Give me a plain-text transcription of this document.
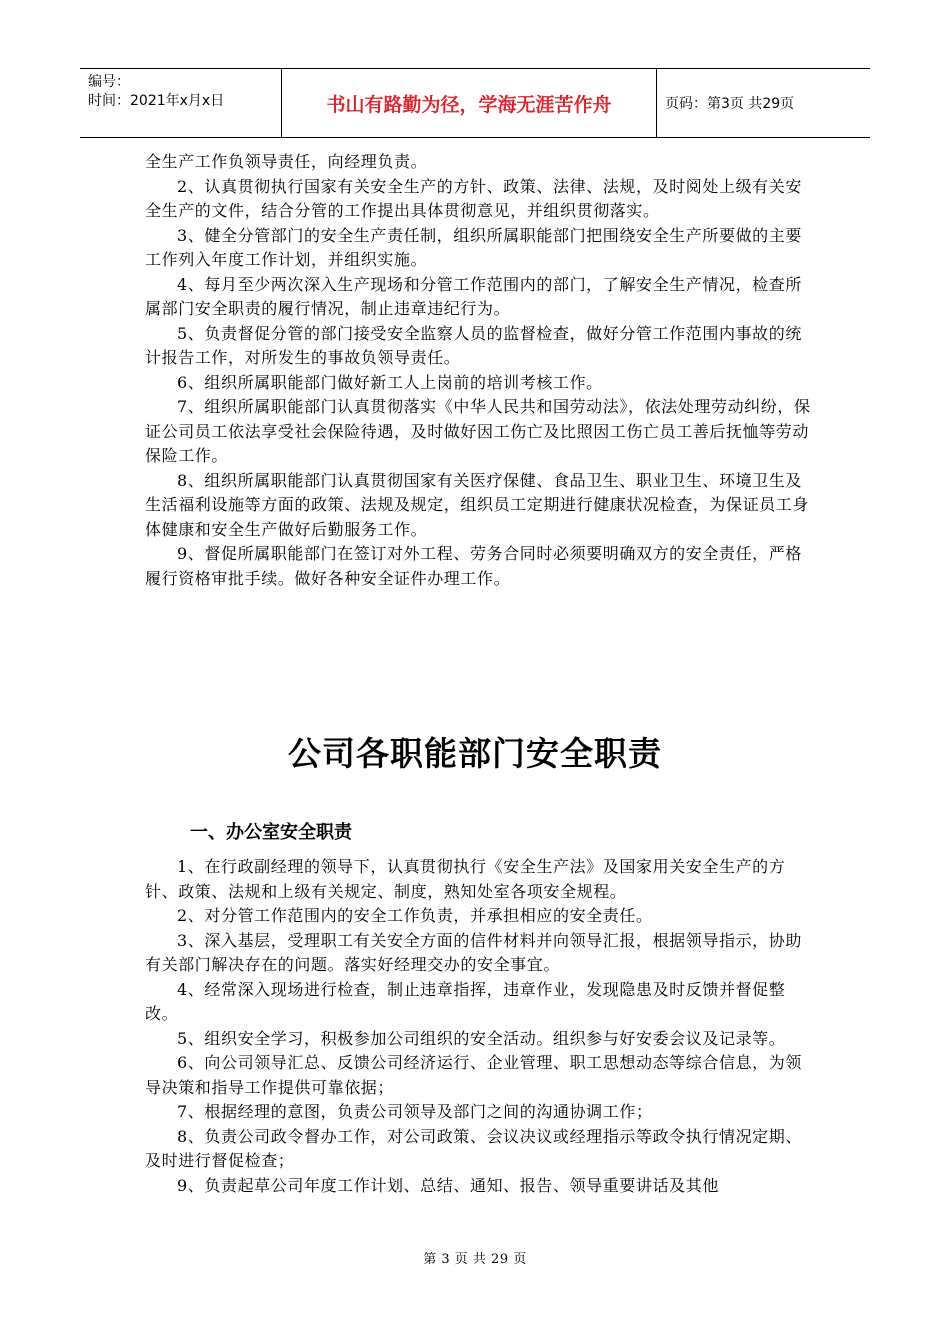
编号：
时间：2021年x月x日	书山有路勤为径，学海无涯苦作舟	页码：第3页 共29页

全生产工作负领导责任，向经理负责。

2、认真贯彻执行国家有关安全生产的方针、政策、法律、法规，及时阅处上级有关安全生产的文件，结合分管的工作提出具体贯彻意见，并组织贯彻落实。

3、健全分管部门的安全生产责任制，组织所属职能部门把围绕安全生产所要做的主要工作列入年度工作计划，并组织实施。

4、每月至少两次深入生产现场和分管工作范围内的部门，了解安全生产情况，检查所属部门安全职责的履行情况，制止违章违纪行为。

5、负责督促分管的部门接受安全监察人员的监督检查，做好分管工作范围内事故的统计报告工作，对所发生的事故负领导责任。

6、组织所属职能部门做好新工人上岗前的培训考核工作。

7、组织所属职能部门认真贯彻落实《中华人民共和国劳动法》，依法处理劳动纠纷，保证公司员工依法享受社会保险待遇，及时做好因工伤亡及比照因工伤亡员工善后抚恤等劳动保险工作。

8、组织所属职能部门认真贯彻国家有关医疗保健、食品卫生、职业卫生、环境卫生及生活福利设施等方面的政策、法规及规定，组织员工定期进行健康状况检查，为保证员工身体健康和安全生产做好后勤服务工作。

9、督促所属职能部门在签订对外工程、劳务合同时必须要明确双方的安全责任，严格履行资格审批手续。做好各种安全证件办理工作。

公司各职能部门安全职责
一、办公室安全职责

1、在行政副经理的领导下，认真贯彻执行《安全生产法》及国家用关安全生产的方针、政策、法规和上级有关规定、制度，熟知处室各项安全规程。

2、对分管工作范围内的安全工作负责，并承担相应的安全责任。

3、深入基层，受理职工有关安全方面的信件材料并向领导汇报，根据领导指示，协助有关部门解决存在的问题。落实好经理交办的安全事宜。

4、经常深入现场进行检查，制止违章指挥，违章作业，发现隐患及时反馈并督促整改。

5、组织安全学习，积极参加公司组织的安全活动。组织参与好安委会议及记录等。

6、向公司领导汇总、反馈公司经济运行、企业管理、职工思想动态等综合信息，为领导决策和指导工作提供可靠依据；

7、根据经理的意图，负责公司领导及部门之间的沟通协调工作；

8、负责公司政令督办工作，对公司政策、会议决议或经理指示等政令执行情况定期、及时进行督促检查；

9、负责起草公司年度工作计划、总结、通知、报告、领导重要讲话及其他

第 3 页 共 29 页
